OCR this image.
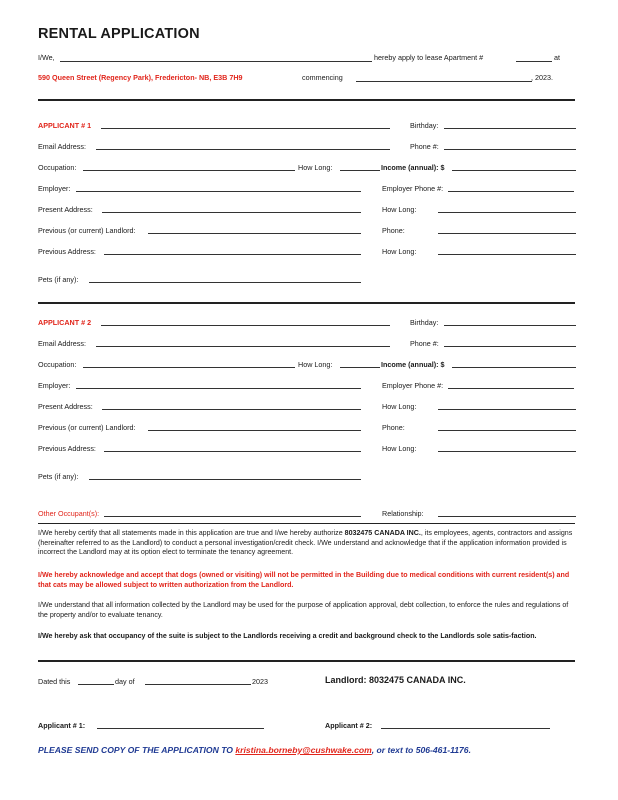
RENTAL APPLICATION
I/We,	hereby apply to lease Apartment #	at
590 Queen Street (Regency Park), Fredericton- NB, E3B 7H9	commencing	, 2023.
APPLICANT # 1	Birthday:
Email Address:	Phone #:
Occupation:	How Long:	Income (annual): $
Employer:	Employer Phone #:
Present Address:	How Long:
Previous (or current) Landlord:	Phone:
Previous Address:	How Long:
Pets (if any):
APPLICANT # 2	Birthday:
Email Address:	Phone #:
Occupation:	How Long:	Income (annual): $
Employer:	Employer Phone #:
Present Address:	How Long:
Previous (or current) Landlord:	Phone:
Previous Address:	How Long:
Pets (if any):
Other Occupant(s):	Relationship:
I/We hereby certify that all statements made in this application are true and I/we hereby authorize 8032475 CANADA INC., its employees, agents, contractors and assigns (hereinafter referred to as the Landlord) to conduct a personal investigation/credit check. I/We understand and acknowledge that if the application information provided is incorrect the Landlord may at its option elect to terminate the tenancy agreement.
I/We hereby acknowledge and accept that dogs (owned or visiting) will not be permitted in the Building due to medical conditions with current resident(s) and that cats may be allowed subject to written authorization from the Landlord.
I/We understand that all information collected by the Landlord may be used for the purpose of application approval, debt collection, to enforce the rules and regulations of the property and/or to evaluate tenancy.
I/We hereby ask that occupancy of the suite is subject to the Landlords receiving a credit and background check to the Landlords sole satis-faction.
Dated this	day of	2023	Landlord: 8032475 CANADA INC.
Applicant # 1:	Applicant # 2:
PLEASE SEND COPY OF THE APPLICATION TO kristina.borneby@cushwake.com, or text to 506-461-1176.
